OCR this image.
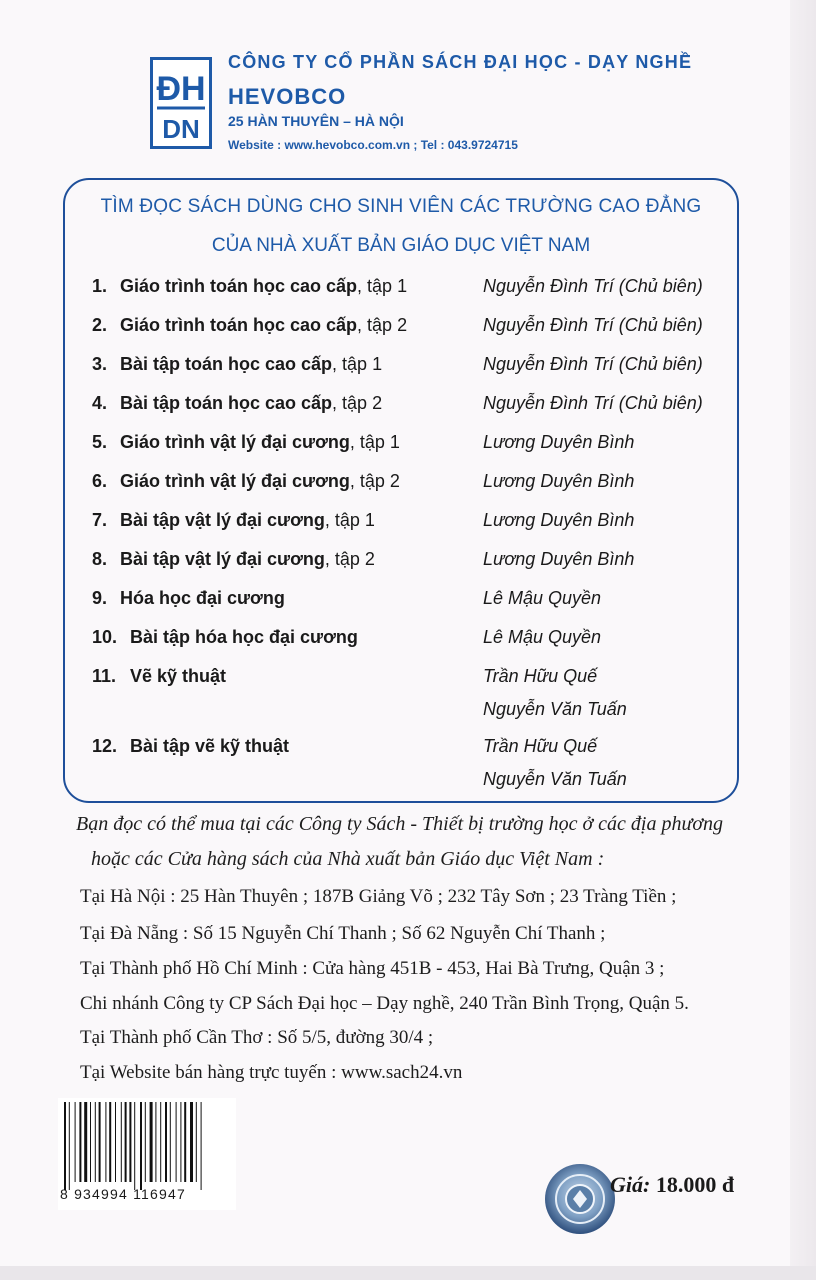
ĐH
DN
CÔNG TY CỔ PHẦN SÁCH ĐẠI HỌC - DẠY NGHỀ
HEVOBCO
25 HÀN THUYÊN – HÀ NỘI
Website : www.hevobco.com.vn ; Tel : 043.9724715
TÌM ĐỌC SÁCH DÙNG CHO SINH VIÊN CÁC TRƯỜNG CAO ĐẲNG
CỦA NHÀ XUẤT BẢN GIÁO DỤC VIỆT NAM
1. Giáo trình toán học cao cấp, tập 1	Nguyễn Đình Trí (Chủ biên)
2. Giáo trình toán học cao cấp, tập 2	Nguyễn Đình Trí (Chủ biên)
3. Bài tập toán học cao cấp, tập 1	Nguyễn Đình Trí (Chủ biên)
4. Bài tập toán học cao cấp, tập 2	Nguyễn Đình Trí (Chủ biên)
5. Giáo trình vật lý đại cương, tập 1	Lương Duyên Bình
6. Giáo trình vật lý đại cương, tập 2	Lương Duyên Bình
7. Bài tập vật lý đại cương, tập 1	Lương Duyên Bình
8. Bài tập vật lý đại cương, tập 2	Lương Duyên Bình
9. Hóa học đại cương	Lê Mậu Quyền
10. Bài tập hóa học đại cương	Lê Mậu Quyền
11. Vẽ kỹ thuật	Trần Hữu Quế
Nguyễn Văn Tuấn
12. Bài tập vẽ kỹ thuật	Trần Hữu Quế
Nguyễn Văn Tuấn
Bạn đọc có thể mua tại các Công ty Sách - Thiết bị trường học ở các địa phương
hoặc các Cửa hàng sách của Nhà xuất bản Giáo dục Việt Nam :
Tại Hà Nội : 25 Hàn Thuyên ; 187B Giảng Võ ; 232 Tây Sơn ; 23 Tràng Tiền ;
Tại Đà Nẵng : Số 15 Nguyễn Chí Thanh ; Số 62 Nguyễn Chí Thanh ;
Tại Thành phố Hồ Chí Minh : Cửa hàng 451B - 453, Hai Bà Trưng, Quận 3 ;
Chi nhánh Công ty CP Sách Đại học – Dạy nghề, 240 Trần Bình Trọng, Quận 5.
Tại Thành phố Cần Thơ : Số 5/5, đường 30/4 ;
Tại Website bán hàng trực tuyến : www.sach24.vn
8 934994 116947	Giá: 18.000 đ
